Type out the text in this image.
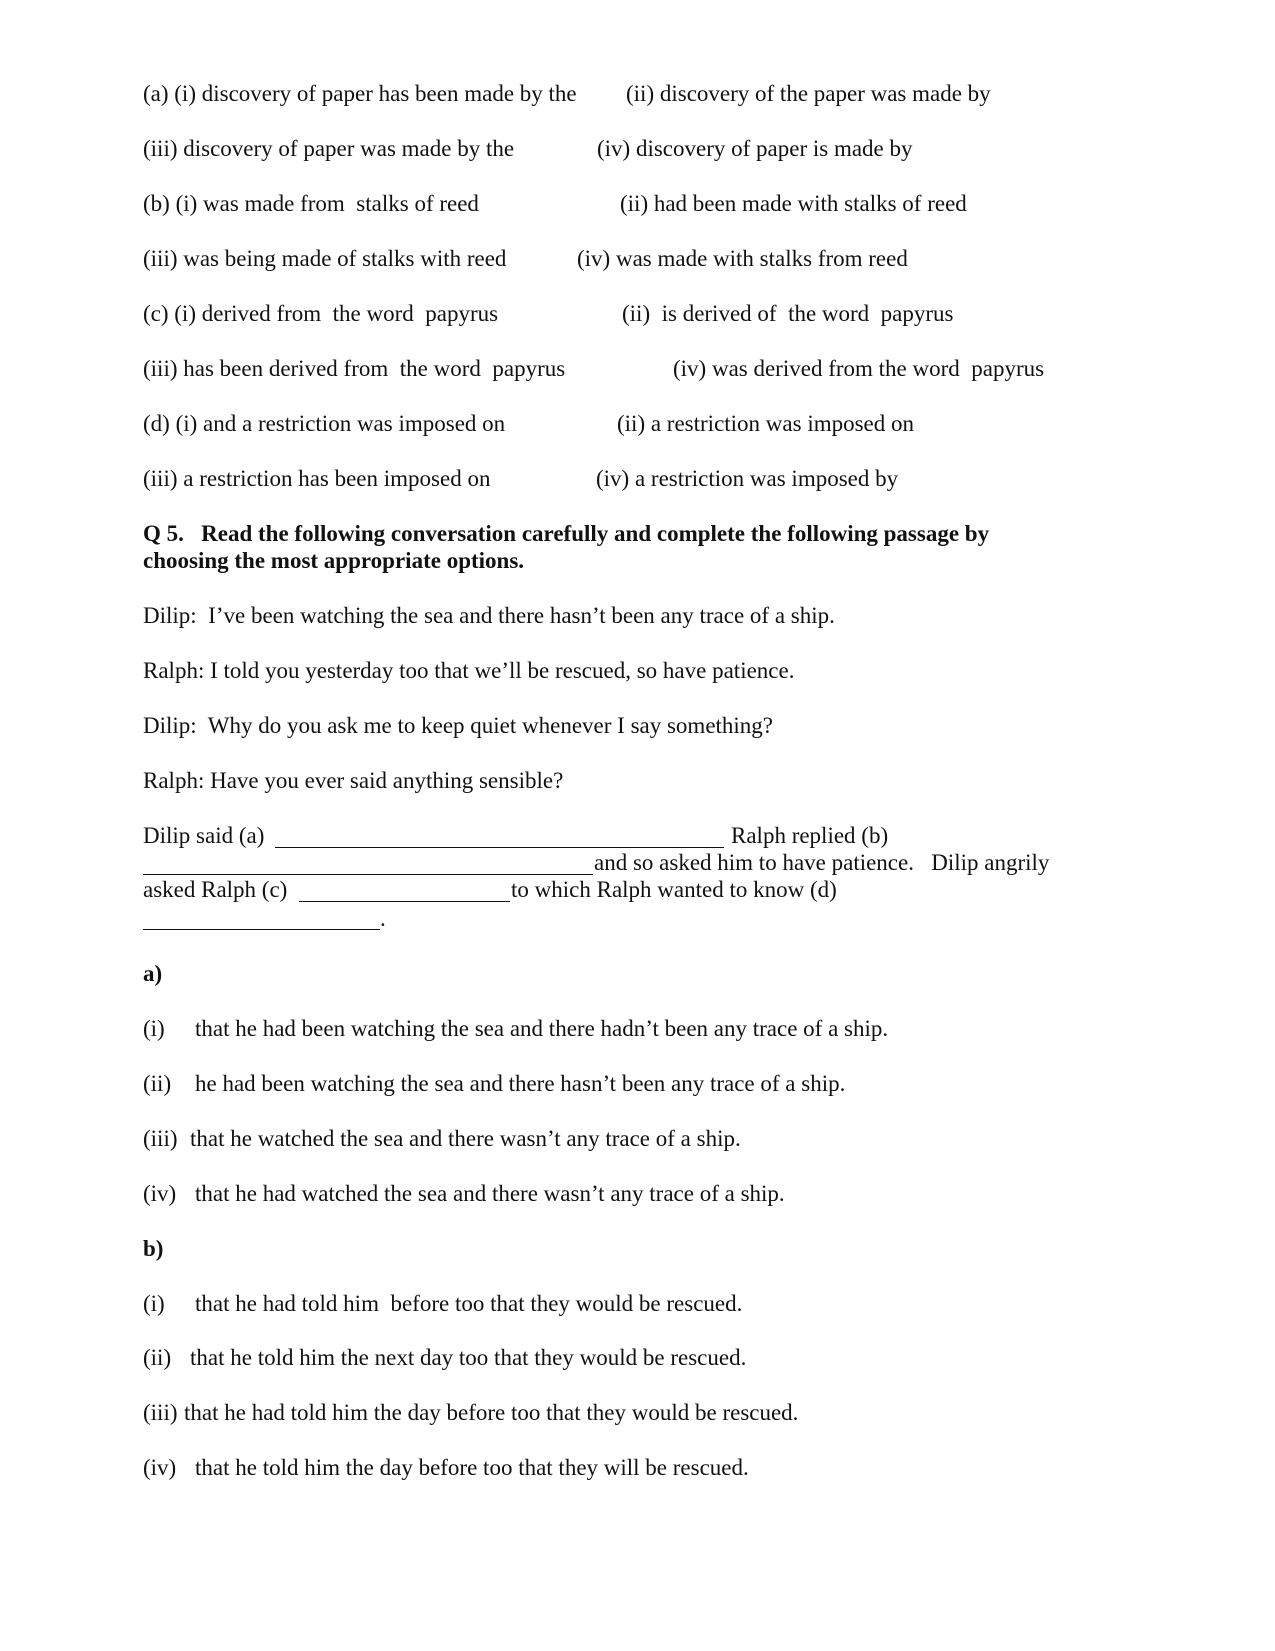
(a) (i) discovery of paper has been made by the (ii) discovery of the paper was made by
(iii) discovery of paper was made by the	(iv) discovery of paper is made by
(b) (i) was made from  stalks of reed	(ii) had been made with stalks of reed
(iii) was being made of stalks with reed	(iv) was made with stalks from reed
(c) (i) derived from  the word  papyrus	(ii)  is derived of  the word  papyrus
(iii) has been derived from  the word  papyrus	(iv) was derived from the word  papyrus
(d) (i) and a restriction was imposed on	(ii) a restriction was imposed on
(iii) a restriction has been imposed on	(iv) a restriction was imposed by
Q 5.   Read the following conversation carefully and complete the following passage by
choosing the most appropriate options.
Dilip:  I’ve been watching the sea and there hasn’t been any trace of a ship.
Ralph: I told you yesterday too that we’ll be rescued, so have patience.
Dilip:  Why do you ask me to keep quiet whenever I say something?
Ralph: Have you ever said anything sensible?
Dilip said (a)	Ralph replied (b)
and so asked him to have patience.   Dilip angrily
asked Ralph (c)	to which Ralph wanted to know (d)
.
a)
(i) that he had been watching the sea and there hadn’t been any trace of a ship.
(ii) he had been watching the sea and there hasn’t been any trace of a ship.
(iii) that he watched the sea and there wasn’t any trace of a ship.
(iv) that he had watched the sea and there wasn’t any trace of a ship.
b)
(i) that he had told him  before too that they would be rescued.
(ii) that he told him the next day too that they would be rescued.
(iii) that he had told him the day before too that they would be rescued.
(iv) that he told him the day before too that they will be rescued.
